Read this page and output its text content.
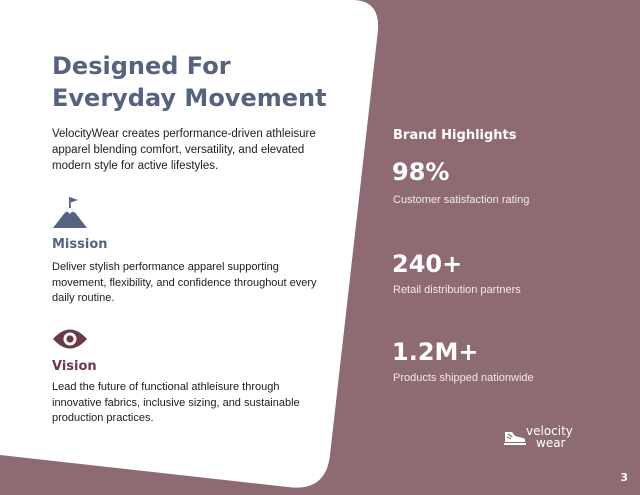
Designed For
Everyday Movement

VelocityWear creates performance-driven athleisure apparel blending comfort, versatility, and elevated modern style for active lifestyles.

Mission

Deliver stylish performance apparel supporting movement, flexibility, and confidence throughout every daily routine.

Vision

Lead the future of functional athleisure through innovative fabrics, inclusive sizing, and sustainable production practices.

Brand Highlights
98%
Customer satisfaction rating
240+
Retail distribution partners
1.2M+
Products shipped nationwide
velocity
wear
3
